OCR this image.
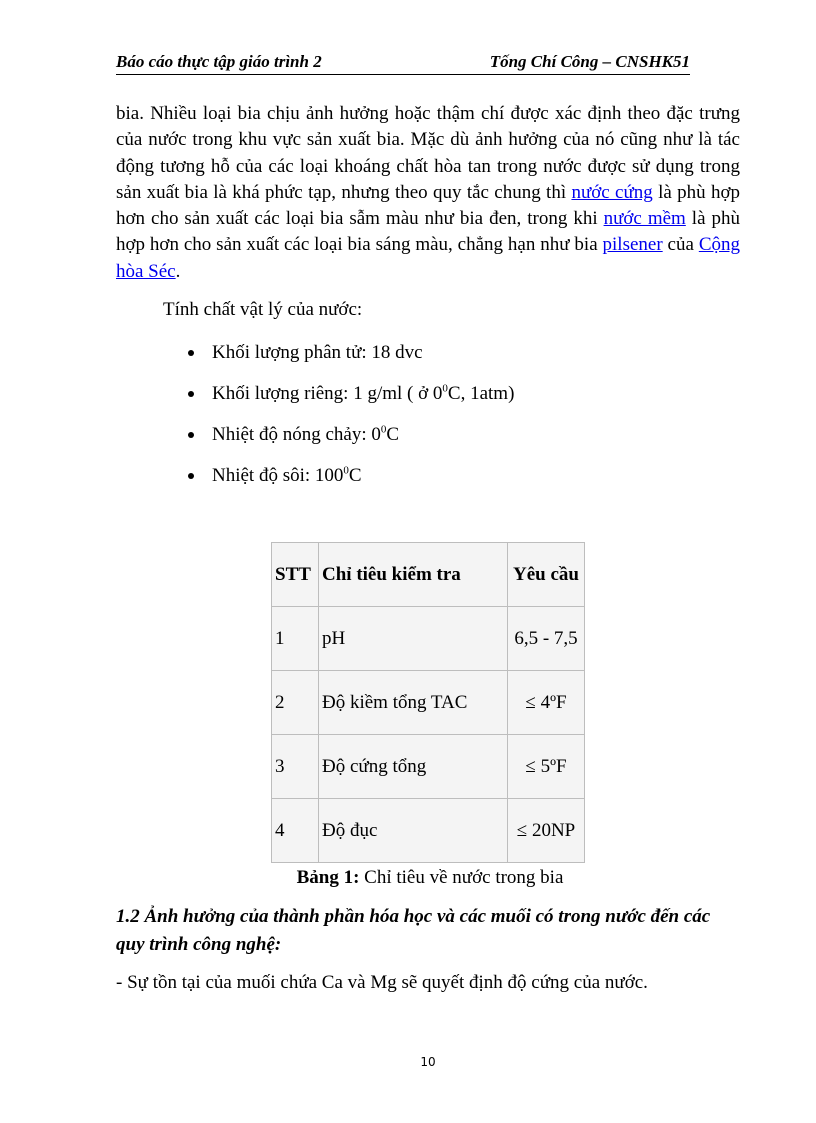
Báo cáo thực tập giáo trình 2	Tống Chí Công – CNSHK51
bia. Nhiều loại bia chịu ảnh hưởng hoặc thậm chí được xác định theo đặc trưng của nước trong khu vực sản xuất bia. Mặc dù ảnh hưởng của nó cũng như là tác động tương hỗ của các loại khoáng chất hòa tan trong nước được sử dụng trong sản xuất bia là khá phức tạp, nhưng theo quy tắc chung thì nước cứng là phù hợp hơn cho sản xuất các loại bia sẫm màu như bia đen, trong khi nước mềm là phù hợp hơn cho sản xuất các loại bia sáng màu, chẳng hạn như bia pilsener của Cộng hòa Séc.
Tính chất vật lý của nước:
Khối lượng phân tử: 18 dvc
Khối lượng riêng: 1 g/ml ( ở $0^0C$, 1atm)
Nhiệt độ nóng chảy: $0^0C$
Nhiệt độ sôi: $100^0C$
STT	Chỉ tiêu kiểm tra	Yêu cầu
1	pH	6,5 - 7,5
2	Độ kiềm tổng TAC	≤ 4ºF
3	Độ cứng tổng	≤ 5ºF
4	Độ đục	≤ 20NP
Bảng 1: Chỉ tiêu về nước trong bia
1.2 Ảnh hưởng của thành phần hóa học và các muối có trong nước đến các quy trình công nghệ:
- Sự tồn tại của muối chứa Ca và Mg sẽ quyết định độ cứng của nước.
10
